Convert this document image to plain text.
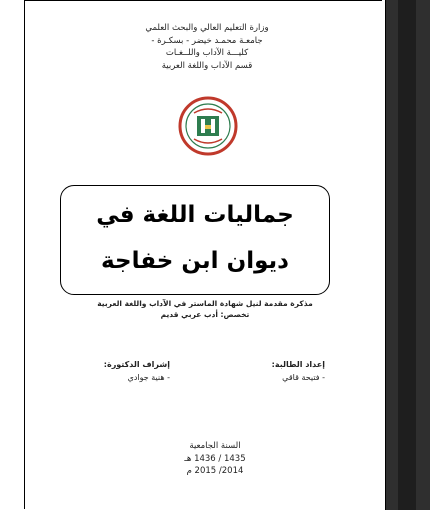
وزارة التعليم العالي والبحث العلمي
جامعـة محمـد خيضر - بسكـرة -
كليـــة الآداب واللــغـات
قسم الآداب واللغة العربية
جماليات اللغة في
ديوان ابن خفاجة
مذكرة مقدمة لنيل شهادة الماستر في الآداب واللغة العربية
تخصص: أدب عربي قديم
إعداد الطالبة:
- فتيحة قاقي
إشراف الدكتورة:
- هنية جوادي
السنة الجامعية
1435 / 1436 هـ
2014/ 2015 م
